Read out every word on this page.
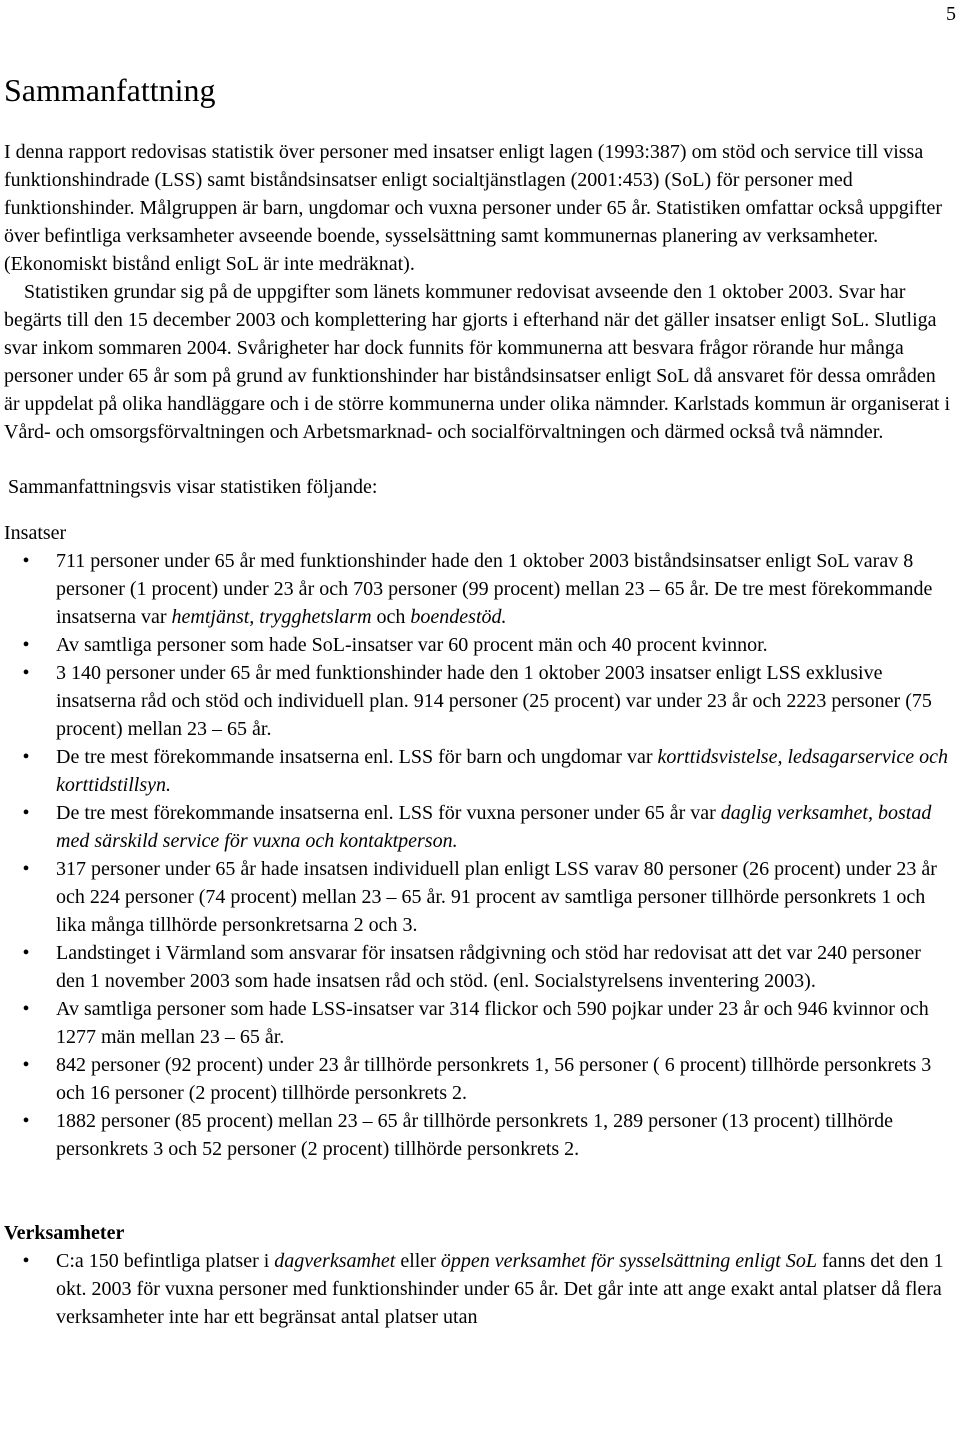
5
Sammanfattning

I denna rapport redovisas statistik över personer med insatser enligt lagen (1993:387) om stöd och service till vissa funktionshindrade (LSS) samt biståndsinsatser enligt socialtjänstlagen (2001:453) (SoL) för personer med funktionshinder. Målgruppen är barn, ungdomar och vuxna personer under 65 år. Statistiken omfattar också uppgifter över befintliga verksamheter avseende boende, sysselsättning samt kommunernas planering av verksamheter. (Ekonomiskt bistånd enligt SoL är inte medräknat).

Statistiken grundar sig på de uppgifter som länets kommuner redovisat avseende den 1 oktober 2003. Svar har begärts till den 15 december 2003 och komplettering har gjorts i efterhand när det gäller insatser enligt SoL. Slutliga svar inkom sommaren 2004. Svårigheter har dock funnits för kommunerna att besvara frågor rörande hur många personer under 65 år som på grund av funktionshinder har biståndsinsatser enligt SoL då ansvaret för dessa områden är uppdelat på olika handläggare och i de större kommunerna under olika nämnder. Karlstads kommun är organiserat i Vård- och omsorgsförvaltningen och Arbetsmarknad- och socialförvaltningen och därmed också två nämnder.

Sammanfattningsvis visar statistiken följande:

Insatser

• 711 personer under 65 år med funktionshinder hade den 1 oktober 2003 biståndsinsatser enligt SoL varav 8 personer (1 procent) under 23 år och 703 personer (99 procent) mellan 23 – 65 år. De tre mest förekommande insatserna var hemtjänst, trygghetslarm och boendestöd.
• Av samtliga personer som hade SoL-insatser var 60 procent män och 40 procent kvinnor.
• 3 140 personer under 65 år med funktionshinder hade den 1 oktober 2003 insatser enligt LSS exklusive insatserna råd och stöd och individuell plan. 914 personer (25 procent) var under 23 år och 2223 personer (75 procent) mellan 23 – 65 år.
• De tre mest förekommande insatserna enl. LSS för barn och ungdomar var korttidsvistelse, ledsagarservice och korttidstillsyn.
• De tre mest förekommande insatserna enl. LSS för vuxna personer under 65 år var daglig verksamhet, bostad med särskild service för vuxna och kontaktperson.
• 317 personer under 65 år hade insatsen individuell plan enligt LSS varav 80 personer (26 procent) under 23 år och 224 personer (74 procent) mellan 23 – 65 år. 91 procent av samtliga personer tillhörde personkrets 1 och lika många tillhörde personkretsarna 2 och 3.
• Landstinget i Värmland som ansvarar för insatsen rådgivning och stöd har redovisat att det var 240 personer den 1 november 2003 som hade insatsen råd och stöd. (enl. Socialstyrelsens inventering 2003).
• Av samtliga personer som hade LSS-insatser var 314 flickor och 590 pojkar under 23 år och 946 kvinnor och 1277 män mellan 23 – 65 år.
• 842 personer (92 procent) under 23 år tillhörde personkrets 1, 56 personer ( 6 procent) tillhörde personkrets 3 och 16 personer (2 procent) tillhörde personkrets 2.
• 1882 personer (85 procent) mellan 23 – 65 år tillhörde personkrets 1, 289 personer (13 procent) tillhörde personkrets 3 och 52 personer (2 procent) tillhörde personkrets 2.

Verksamheter

• C:a 150 befintliga platser i dagverksamhet eller öppen verksamhet för sysselsättning enligt SoL fanns det den 1 okt. 2003 för vuxna personer med funktionshinder under 65 år. Det går inte att ange exakt antal platser då flera verksamheter inte har ett begränsat antal platser utan
